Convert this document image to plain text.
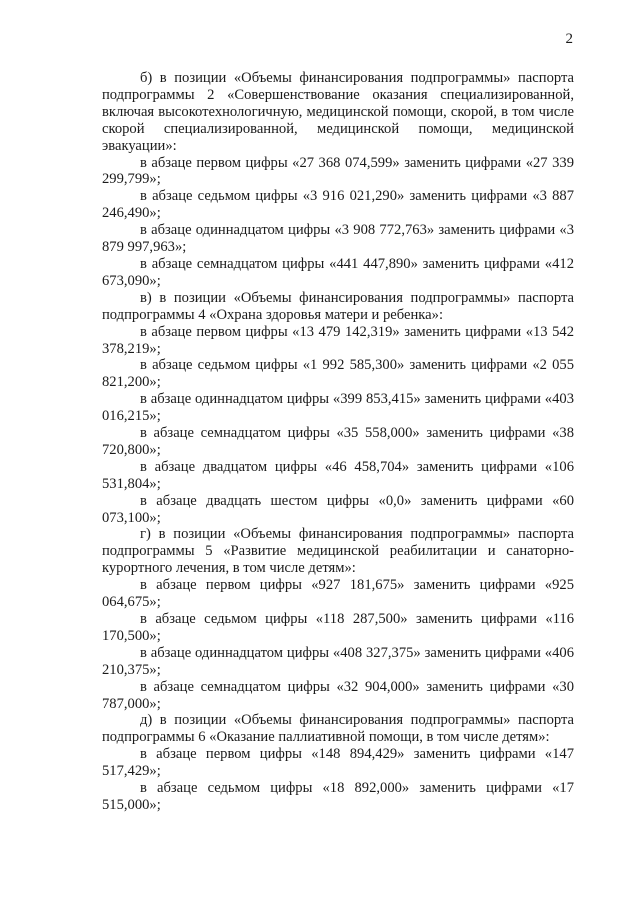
2

б) в позиции «Объемы финансирования подпрограммы» паспорта подпрограммы 2 «Совершенствование оказания специализированной, включая высокотехнологичную, медицинской помощи, скорой, в том числе скорой специализированной, медицинской помощи, медицинской эвакуации»:

в абзаце первом цифры «27 368 074,599» заменить цифрами «27 339 299,799»;

в абзаце седьмом цифры «3 916 021,290» заменить цифрами «3 887 246,490»;

в абзаце одиннадцатом цифры «3 908 772,763» заменить цифрами «3 879 997,963»;

в абзаце семнадцатом цифры «441 447,890» заменить цифрами «412 673,090»;

в) в позиции «Объемы финансирования подпрограммы» паспорта подпрограммы 4 «Охрана здоровья матери и ребенка»:

в абзаце первом цифры «13 479 142,319» заменить цифрами «13 542 378,219»;

в абзаце седьмом цифры «1 992 585,300» заменить цифрами «2 055 821,200»;

в абзаце одиннадцатом цифры «399 853,415» заменить цифрами «403 016,215»;

в абзаце семнадцатом цифры «35 558,000» заменить цифрами «38 720,800»;

в абзаце двадцатом цифры «46 458,704» заменить цифрами «106 531,804»;

в абзаце двадцать шестом цифры «0,0» заменить цифрами «60 073,100»;

г) в позиции «Объемы финансирования подпрограммы» паспорта подпрограммы 5 «Развитие медицинской реабилитации и санаторно-курортного лечения, в том числе детям»:

в абзаце первом цифры «927 181,675» заменить цифрами «925 064,675»;

в абзаце седьмом цифры «118 287,500» заменить цифрами «116 170,500»;

в абзаце одиннадцатом цифры «408 327,375» заменить цифрами «406 210,375»;

в абзаце семнадцатом цифры «32 904,000» заменить цифрами «30 787,000»;

д) в позиции «Объемы финансирования подпрограммы» паспорта подпрограммы 6 «Оказание паллиативной помощи, в том числе детям»:

в абзаце первом цифры «148 894,429» заменить цифрами «147 517,429»;

в абзаце седьмом цифры «18 892,000» заменить цифрами «17 515,000»;
